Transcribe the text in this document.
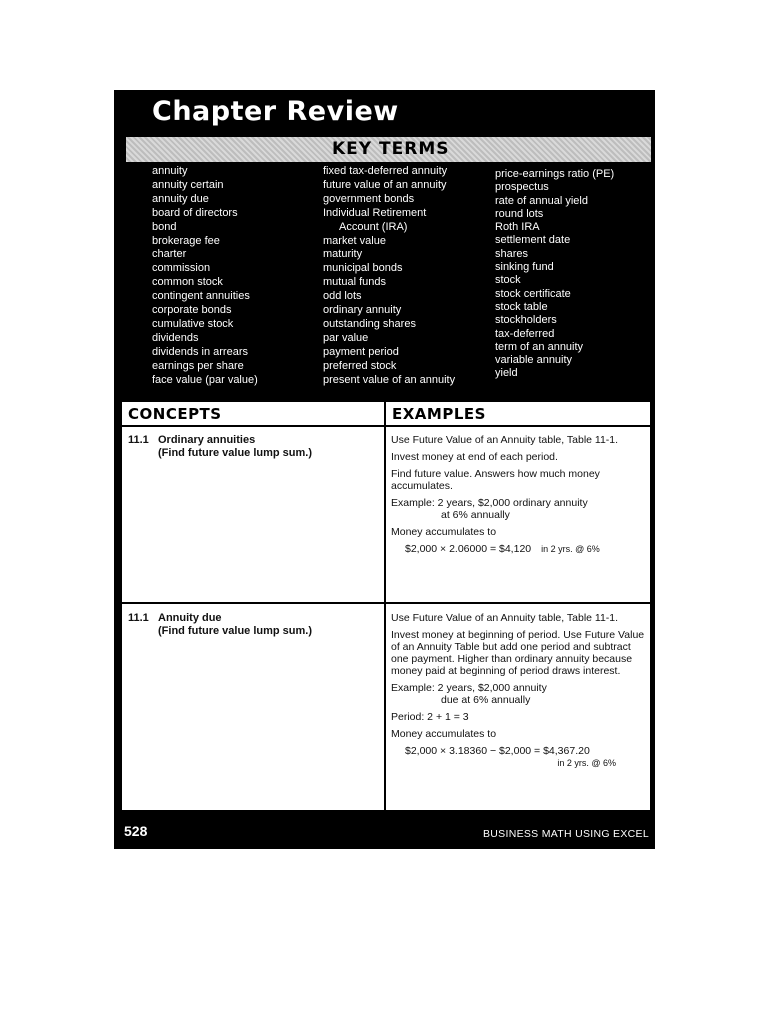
Chapter Review
KEY TERMS
annuity
annuity certain
annuity due
board of directors
bond
brokerage fee
charter
commission
common stock
contingent annuities
corporate bonds
cumulative stock
dividends
dividends in arrears
earnings per share
face value (par value)
fixed tax-deferred annuity
future value of an annuity
government bonds
Individual Retirement
Account (IRA)
market value
maturity
municipal bonds
mutual funds
odd lots
ordinary annuity
outstanding shares
par value
payment period
preferred stock
present value of an annuity
price-earnings ratio (PE)
prospectus
rate of annual yield
round lots
Roth IRA
settlement date
shares
sinking fund
stock
stock certificate
stock table
stockholders
tax-deferred
term of an annuity
variable annuity
yield
CONCEPTS	EXAMPLES
11.1 Ordinary annuities
(Find future value lump sum.)
Use Future Value of an Annuity table, Table 11-1.
Invest money at end of each period.
Find future value. Answers how much money accumulates.
Example: 2 years, $2,000 ordinary annuity
at 6% annually
Money accumulates to
$2,000 × 2.06000 = $4,120 in 2 yrs. @ 6%
11.1 Annuity due
(Find future value lump sum.)
Use Future Value of an Annuity table, Table 11-1.
Invest money at beginning of period. Use Future Value of an Annuity Table but add one period and subtract one payment. Higher than ordinary annuity because money paid at beginning of period draws interest.
Example: 2 years, $2,000 annuity
due at 6% annually
Period: 2 + 1 = 3
Money accumulates to
$2,000 × 3.18360 − $2,000 = $4,367.20
in 2 yrs. @ 6%
528	BUSINESS MATH USING EXCEL
